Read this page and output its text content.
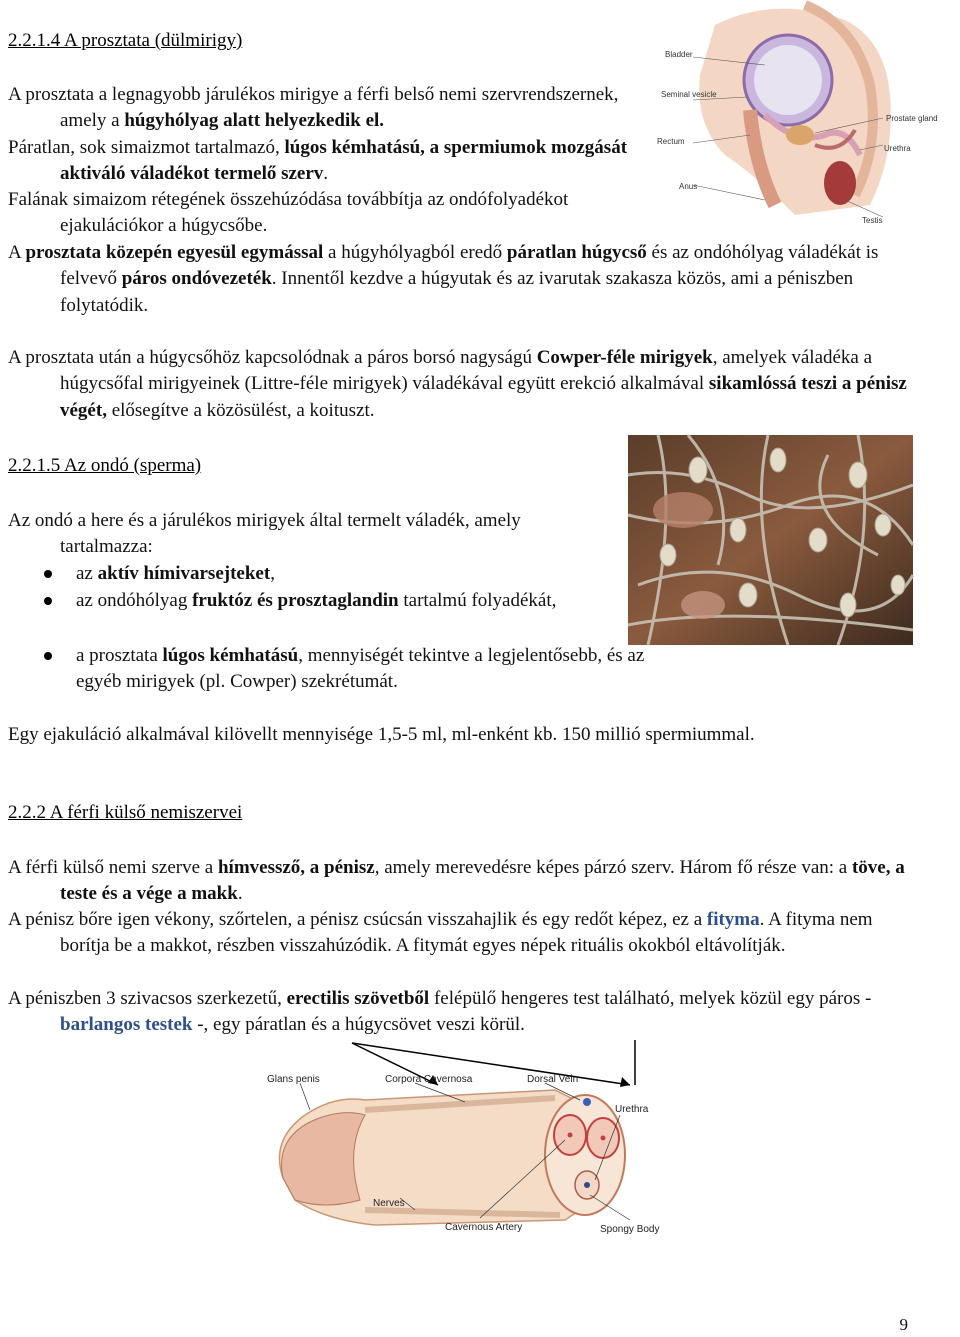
2.2.1.4 A prosztata (dülmirigy)
A prosztata a legnagyobb járulékos mirigye a férfi belső nemi szervrendszernek, amely a húgyhólyag alatt helyezkedik el.
Páratlan, sok simaizmot tartalmazó, lúgos kémhatású, a spermiumok mozgását aktiváló váladékot termelő szerv.
Falának simaizom rétegének összehúzódása továbbítja az ondófolyadékot ejakulációkor a húgycsőbe.
A prosztata közepén egyesül egymással a húgyhólyagból eredő páratlan húgycső és az ondóhólyag váladékát is felvevő páros ondóvezeték. Innentől kezdve a húgyutak és az ivarutak szakasza közös, ami a péniszben folytatódik.
A prosztata után a húgycsőhöz kapcsolódnak a páros borsó nagyságú Cowper-féle mirigyek, amelyek váladéka a húgycsőfal mirigyeinek (Littre-féle mirigyek) váladékával együtt erekció alkalmával sikamlóssá teszi a pénisz végét, elősegítve a közösülést, a koituszt.
Bladder
Seminal vesicle
Rectum
Anus
Prostate gland
Urethra
Testis
2.2.1.5 Az ondó (sperma)
Az ondó a here és a járulékos mirigyek által termelt váladék, amely tartalmazza:
az aktív hímivarsejteket,
az ondóhólyag fruktóz és prosztaglandin tartalmú folyadékát,
a prosztata lúgos kémhatású, mennyiségét tekintve a legjelentősebb, és az egyéb mirigyek (pl. Cowper) szekrétumát.
Egy ejakuláció alkalmával kilövellt mennyisége 1,5-5 ml, ml-enként kb. 150 millió spermiummal.
2.2.2 A férfi külső nemiszervei
A férfi külső nemi szerve a hímvessző, a pénisz, amely merevedésre képes párzó szerv. Három fő része van: a töve, a teste és a vége a makk.
A pénisz bőre igen vékony, szőrtelen, a pénisz csúcsán visszahajlik és egy redőt képez, ez a fityma. A fityma nem borítja be a makkot, részben visszahúzódik. A fitymát egyes népek rituális okokból eltávolítják.
A péniszben 3 szivacsos szerkezetű, erectilis szövetből felépülő hengeres test található, melyek közül egy páros - barlangos testek -, egy páratlan és a húgycsövet veszi körül.
Glans penis	Corpora Cavernosa	Dorsal Vein
Urethra
Nerves
Cavernous Artery	Spongy Body
9
